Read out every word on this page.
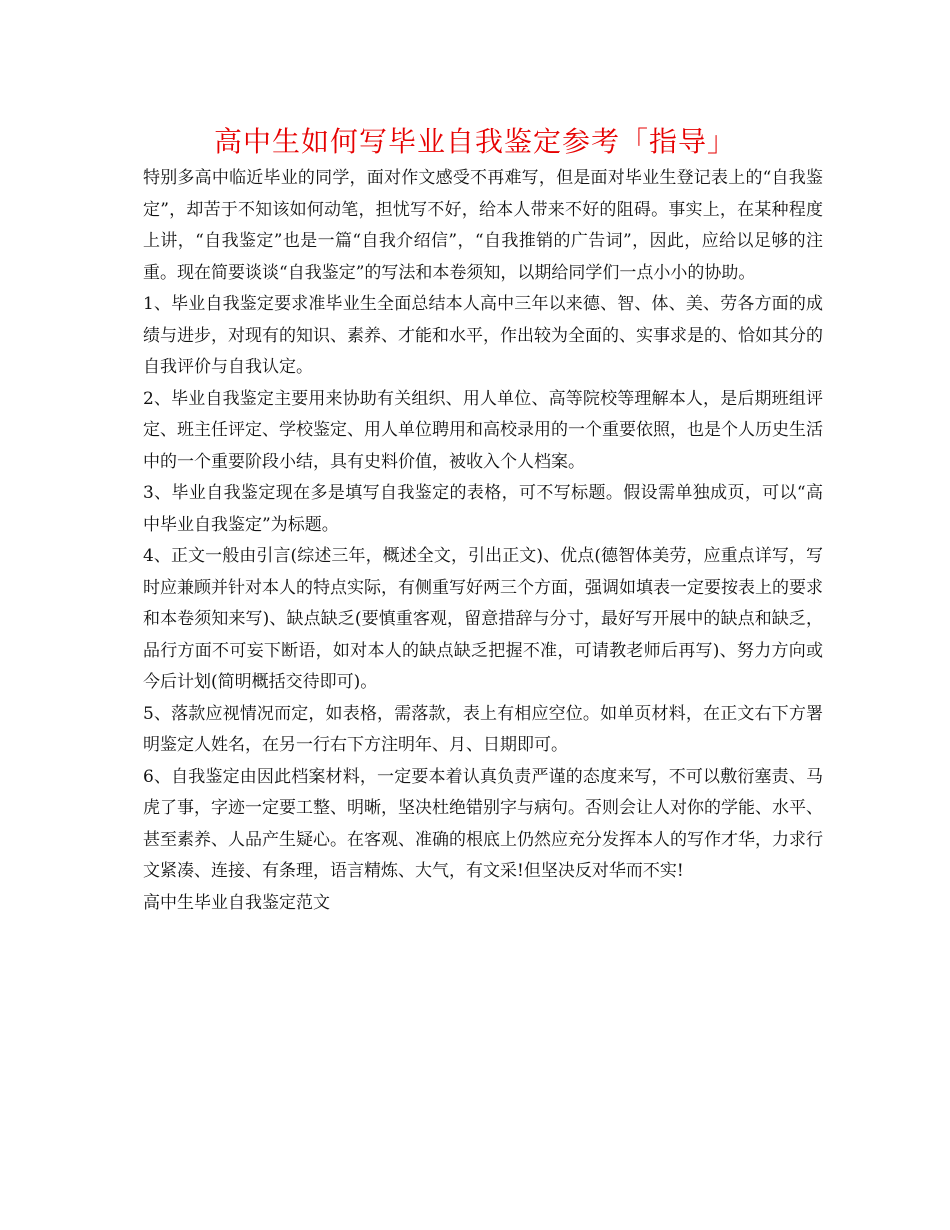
高中生如何写毕业自我鉴定参考「指导」

特别多高中临近毕业的同学，面对作文感受不再难写，但是面对毕业生登记表上的“自我鉴定”，却苦于不知该如何动笔，担忧写不好，给本人带来不好的阻碍。事实上，在某种程度上讲，“自我鉴定”也是一篇“自我介绍信”，“自我推销的广告词”，因此，应给以足够的注重。现在简要谈谈“自我鉴定”的写法和本卷须知，以期给同学们一点小小的协助。

1、毕业自我鉴定要求准毕业生全面总结本人高中三年以来德、智、体、美、劳各方面的成绩与进步，对现有的知识、素养、才能和水平，作出较为全面的、实事求是的、恰如其分的自我评价与自我认定。

2、毕业自我鉴定主要用来协助有关组织、用人单位、高等院校等理解本人，是后期班组评定、班主任评定、学校鉴定、用人单位聘用和高校录用的一个重要依照，也是个人历史生活中的一个重要阶段小结，具有史料价值，被收入个人档案。

3、毕业自我鉴定现在多是填写自我鉴定的表格，可不写标题。假设需单独成页，可以“高中毕业自我鉴定”为标题。

4、正文一般由引言(综述三年，概述全文，引出正文)、优点(德智体美劳，应重点详写，写时应兼顾并针对本人的特点实际，有侧重写好两三个方面，强调如填表一定要按表上的要求和本卷须知来写)、缺点缺乏(要慎重客观，留意措辞与分寸，最好写开展中的缺点和缺乏，品行方面不可妄下断语，如对本人的缺点缺乏把握不准，可请教老师后再写)、努力方向或今后计划(简明概括交待即可)。

5、落款应视情况而定，如表格，需落款，表上有相应空位。如单页材料，在正文右下方署明鉴定人姓名，在另一行右下方注明年、月、日期即可。

6、自我鉴定由因此档案材料，一定要本着认真负责严谨的态度来写，不可以敷衍塞责、马虎了事，字迹一定要工整、明晰，坚决杜绝错别字与病句。否则会让人对你的学能、水平、甚至素养、人品产生疑心。在客观、准确的根底上仍然应充分发挥本人的写作才华，力求行文紧凑、连接、有条理，语言精炼、大气，有文采!但坚决反对华而不实!

高中生毕业自我鉴定范文
